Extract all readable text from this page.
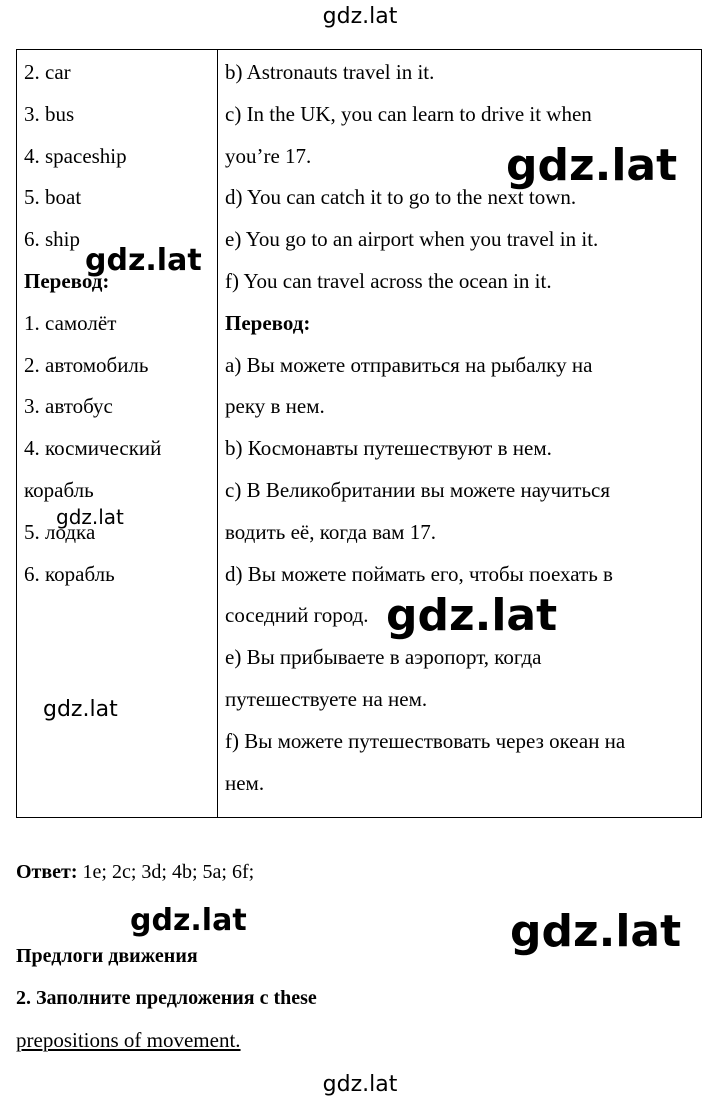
gdz.lat
2. car
3. bus
4. spaceship
5. boat
6. ship
Перевод:
1. самолёт
2. автомобиль
3. автобус
4. космический
корабль
5. лодка
6. корабль
b) Astronauts travel in it.
c) In the UK, you can learn to drive it when
you’re 17.
d) You can catch it to go to the next town.
e) You go to an airport when you travel in it.
f) You can travel across the ocean in it.
Перевод:
a) Вы можете отправиться на рыбалку на
реку в нем.
b) Космонавты путешествуют в нем.
c) В Великобритании вы можете научиться
водить её, когда вам 17.
d) Вы можете поймать его, чтобы поехать в
соседний город.
e) Вы прибываете в аэропорт, когда
путешествуете на нем.
f) Вы можете путешествовать через океан на
нем.
gdz.lat
gdz.lat
gdz.lat
gdz.lat
gdz.lat
Ответ: 1e; 2c; 3d; 4b; 5a; 6f;
gdz.lat	gdz.lat
Предлоги движения
2. Заполните предложения с these
prepositions of movement.
gdz.lat
